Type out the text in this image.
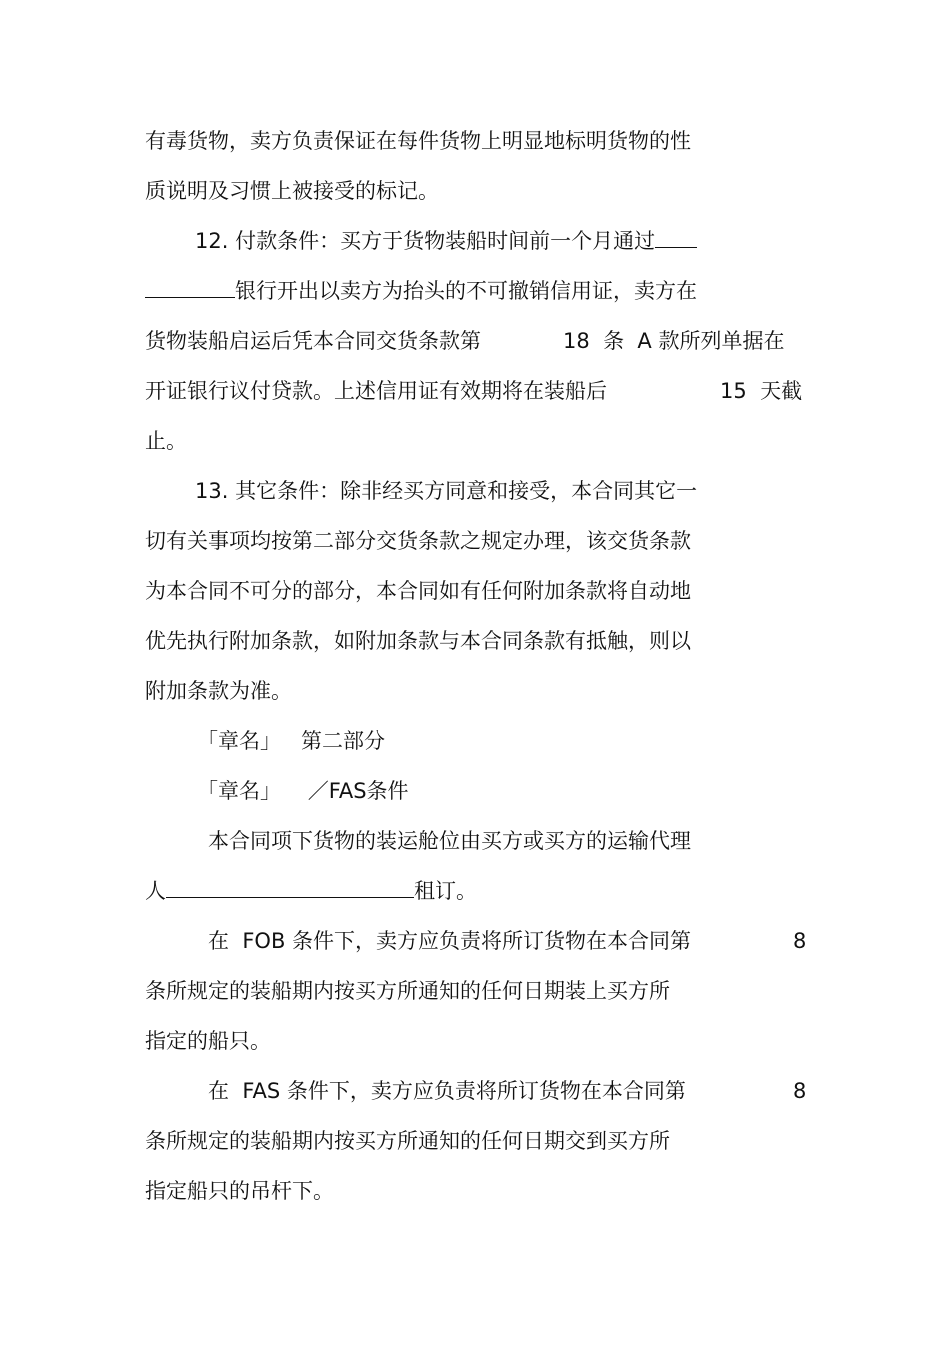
有毒货物，卖方负责保证在每件货物上明显地标明货物的性
质说明及习惯上被接受的标记。
12. 付款条件：买方于货物装船时间前一个月通过
银行开出以卖方为抬头的不可撤销信用证，卖方在
货物装船启运后凭本合同交货条款第	18  条  A 款所列单据在
开证银行议付贷款。上述信用证有效期将在装船后	15  天截
止。
13. 其它条件：除非经买方同意和接受，本合同其它一
切有关事项均按第二部分交货条款之规定办理，该交货条款
为本合同不可分的部分，本合同如有任何附加条款将自动地
优先执行附加条款，如附加条款与本合同条款有抵触，则以
附加条款为准。
「章名」   第二部分
「章名」    ／FAS条件
本合同项下货物的装运舱位由买方或买方的运输代理
人	租订。
在  FOB 条件下，卖方应负责将所订货物在本合同第	8
条所规定的装船期内按买方所通知的任何日期装上买方所
指定的船只。
在  FAS 条件下，卖方应负责将所订货物在本合同第	8
条所规定的装船期内按买方所通知的任何日期交到买方所
指定船只的吊杆下。
